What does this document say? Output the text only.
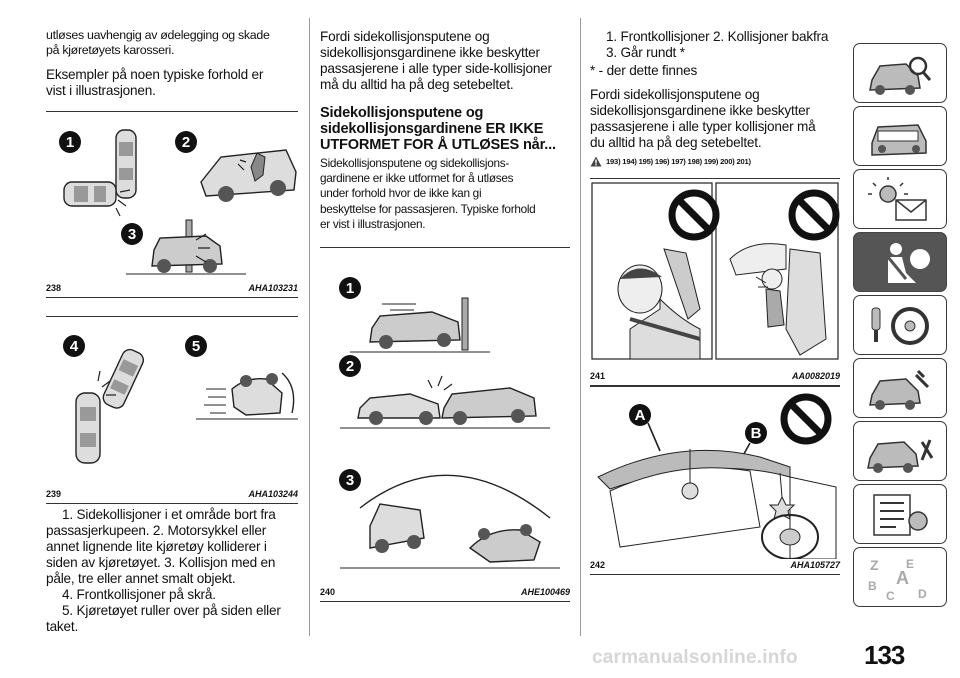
utløses uavhengig av ødelegging og skade
på kjøretøyets karosseri.
Eksempler på noen typiske forhold er
vist i illustrasjonen.
1	2
3
238	AHA103231
4	5
239	AHA103244
1. Sidekollisjoner i et område bort fra
passasjerkupeen. 2. Motorsykkel eller
annet lignende lite kjøretøy kolliderer i
siden av kjøretøyet. 3. Kollisjon med en
påle, tre eller annet smalt objekt.
4. Frontkollisjoner på skrå.
5. Kjøretøyet ruller over på siden eller
taket.
Fordi sidekollisjonsputene og
sidekollisjonsgardinene ikke beskytter
passasjerene i alle typer side-kollisjoner
må du alltid ha på deg setebeltet.
Sidekollisjonsputene og
sidekollisjonsgardinene ER IKKE
UTFORMET FOR Å UTLØSES når...
Sidekollisjonsputene og sidekollisjons-
gardinene er ikke utformet for å utløses
under forhold hvor de ikke kan gi
beskyttelse for passasjeren. Typiske forhold
er vist i illustrasjonen.
1
2
3
240	AHE100469
1. Frontkollisjoner 2. Kollisjoner bakfra
3. Går rundt *
* - der dette finnes
Fordi sidekollisjonsputene og
sidekollisjonsgardinene ikke beskytter
passasjerene i alle typer kollisjoner må
du alltid ha på deg setebeltet.
193) 194) 195) 196) 197) 198) 199) 200) 201)
241	AA0082019
A
B
242	AHA105727 Z E
A
B
C D
133
carmanualsonline.info
